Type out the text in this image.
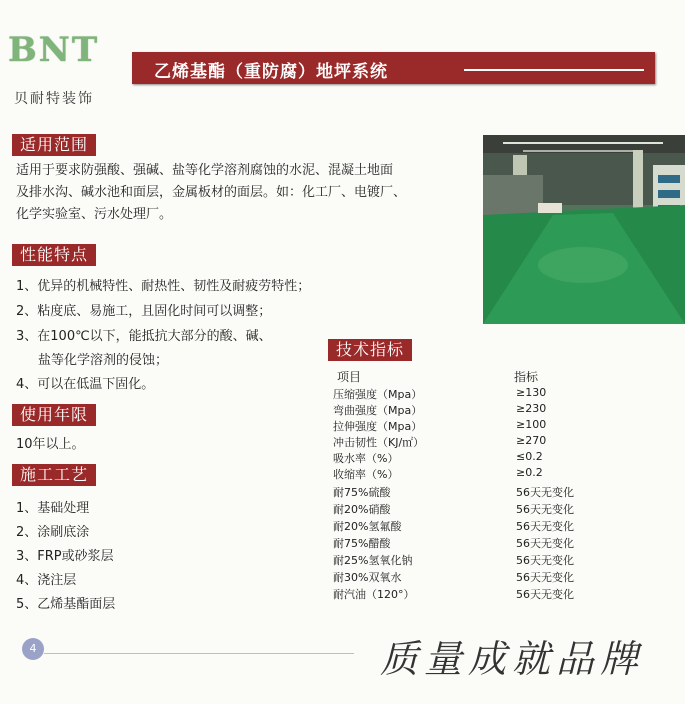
BNT
贝耐特装饰
乙烯基酯（重防腐）地坪系统
适用范围
适用于要求防强酸、强碱、盐等化学溶剂腐蚀的水泥、混凝土地面
及排水沟、碱水池和面层，金属板材的面层。如：化工厂、电镀厂、
化学实验室、污水处理厂。
性能特点
1、优异的机械特性、耐热性、韧性及耐疲劳特性；
2、粘度底、易施工，且固化时间可以调整；
3、在100℃以下，能抵抗大部分的酸、碱、
盐等化学溶剂的侵蚀；
4、可以在低温下固化。
使用年限
10年以上。
施工工艺
1、基础处理
2、涂刷底涂
3、FRP或砂浆层
4、浇注层
5、乙烯基酯面层
技术指标
项目	指标
压缩强度（Mpa）	≥130
弯曲强度（Mpa）	≥230
拉伸强度（Mpa）	≥100
冲击韧性（KJ/㎡）	≥270
吸水率（%）	≤0.2
收缩率（%）	≥0.2
耐75%硫酸	56天无变化
耐20%硝酸	56天无变化
耐20%氢氟酸	56天无变化
耐75%醋酸	56天无变化
耐25%氢氧化钠	56天无变化
耐30%双氧水	56天无变化
耐汽油（120°）	56天无变化
4	质量成就品牌
